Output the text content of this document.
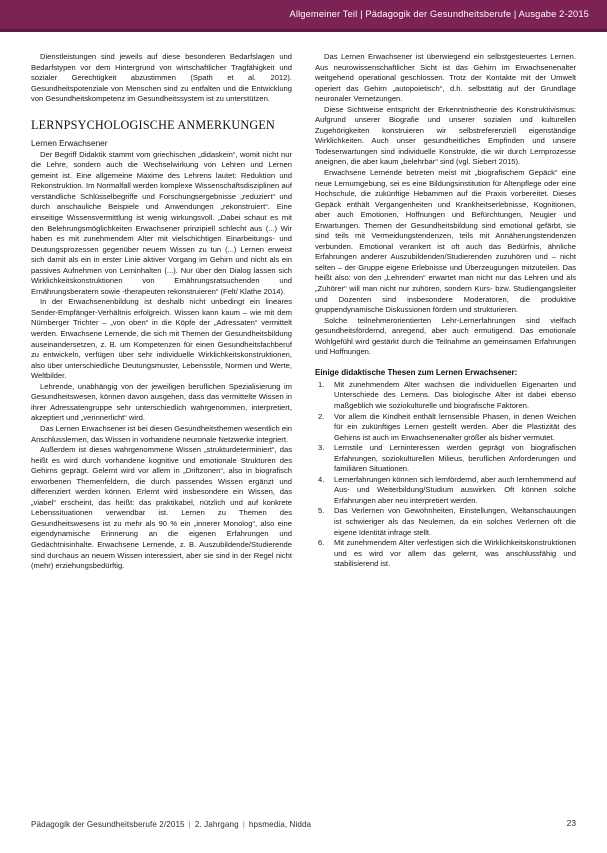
Allgemeiner Teil | Pädagogik der Gesundheitsberufe | Ausgabe 2-2015

Dienstleistungen sind jeweils auf diese besonderen Bedarfslagen und Bedarfstypen vor dem Hintergrund von wirtschaftlicher Tragfähigkeit und sozialer Gerechtigkeit abzustimmen (Spath et al. 2012). Gesundheitspotenziale von Menschen sind zu entfalten und die Entwicklung von Gesundheitskompetenz im Gesundheitssystem ist zu unterstützen.

LERNPSYCHOLOGISCHE ANMERKUNGEN
Lernen Erwachsener

Der Begriff Didaktik stammt vom griechischen „didaskein“, womit nicht nur die Lehre, sondern auch die Wechselwirkung von Lehren und Lernen gemeint ist. Eine allgemeine Maxime des Lehrens lautet: Reduktion und Rekonstruktion. Im Normalfall werden komplexe Wissenschaftsdisziplinen auf verständliche Schlüsselbegriffe und Forschungsergebnisse „reduziert“ und durch anschauliche Beispiele und Anwendungen „rekonstruiert“. Eine einseitige Wissensvermittlung ist wenig wirkungsvoll. „Dabei schaut es mit den Belehrungsmöglichkeiten Erwachsener prinzipiell schlecht aus (...) Wir haben es mit zunehmendem Alter mit vielschichtigen Einarbeitungs- und Deutungsprozessen gegenüber neuem Wissen zu tun (...) Lernen erweist sich damit als ein in erster Linie aktiver Vorgang im Gehirn und nicht als ein passives Aufnehmen von Lerninhalten (...). Nur über den Dialog lassen sich Wirklichkeitskonstruktionen von Ernährungsratsuchenden und Ernährungsberatern sowie -therapeuten rekonstruieren“ (Felt/ Klathe 2014).

In der Erwachsenenbildung ist deshalb nicht unbedingt ein lineares Sender-Empfänger-Verhältnis erfolgreich. Wissen kann kaum – wie mit dem Nürnberger Trichter – „von oben“ in die Köpfe der „Adressaten“ vermittelt werden. Erwachsene Lernende, die sich mit Themen der Gesundheitsbildung auseinandersetzen, z. B. um Kompetenzen für einen Gesundheitsfachberuf zu entwickeln, verfügen über sehr individuelle Wirklichkeitskonstruktionen, also über unterschiedliche Deutungsmuster, Lebensstile, Normen und Werte, Weltbilder.

Lehrende, unabhängig von der jeweiligen beruflichen Spezialisierung im Gesundheitswesen, können davon ausgehen, dass das vermittelte Wissen in ihrer Adressatengruppe sehr unterschiedlich wahrgenommen, interpretiert, akzeptiert und „verinnerlicht“ wird.

Das Lernen Erwachsener ist bei diesen Gesundheitsthemen wesentlich ein Anschlusslernen, das Wissen in vorhandene neuronale Netzwerke integriert.

Außerdem ist dieses wahrgenommene Wissen „strukturdeterminiert“, das heißt es wird durch vorhandene kognitive und emotionale Strukturen des Gehirns geprägt. Gelernt wird vor allem in „Driftzonen“, also in biografisch erworbenen Themenfeldern, die durch passendes Wissen ergänzt und differenziert werden können. Erlernt wird insbesondere ein Wissen, das „viabel“ erscheint, das heißt: das praktikabel, nützlich und auf konkrete Lebenssituationen verwendbar ist. Lernen zu Themen des Gesundheitswesens ist zu mehr als 90 % ein „innerer Monolog“, also eine eigendynamische Erinnerung an die eigenen Erfahrungen und Gedächtnisinhalte. Erwachsene Lernende, z. B. Auszubildende/Studierende sind durchaus an neuem Wissen interessiert, aber sie sind in der Regel nicht (mehr) erziehungsbedürftig.

Das Lernen Erwachsener ist überwiegend ein selbstgesteuertes Lernen. Aus neurowissenschaftlicher Sicht ist das Gehirn im Erwachsenenalter weitgehend operational geschlossen. Trotz der Kontakte mit der Umwelt operiert das Gehirn „autopoietisch“, d.h. selbsttätig auf der Grundlage neuronaler Vernetzungen.

Diese Sichtweise entspricht der Erkenntnistheorie des Konstruktivismus: Aufgrund unserer Biografie und unserer sozialen und kulturellen Zugehörigkeiten konstruieren wir selbstreferenziell eigenständige Wirklichkeiten. Auch unser gesundheitliches Empfinden und unsere Todeserwartungen sind individuelle Konstrukte, die wir durch Lernprozesse aneignen, die aber kaum „belehrbar“ sind (vgl. Siebert 2015).

Erwachsene Lernende betreten meist mit „biografischem Gepäck“ eine neue Lernumgebung, sei es eine Bildungsinstitution für Altenpflege oder eine Hochschule, die zukünftige Hebammen auf die Praxis vorbereitet. Dieses Gepäck enthält Vergangenheiten und Krankheitserlebnisse, Kognitionen, aber auch Emotionen, Hoffnungen und Befürchtungen, Neugier und Erwartungen. Themen der Gesundheitsbildung sind emotional gefärbt, sie sind teils mit Vermeidungstendenzen, teils mit Annäherungstendenzen verbunden. Emotional verankert ist oft auch das Bedürfnis, ähnliche Erfahrungen anderer Auszubildenden/Studierenden zuzuhören und – nicht selten – der Gruppe eigene Erlebnisse und Überzeugungen mitzuteilen. Das heißt also: von den „Lehrenden“ erwartet man nicht nur das Lehren und als „Zuhörer“ will man nicht nur zuhören, sondern Kurs- bzw. Studiengangsleiter und Dozenten sind insbesondere Moderatoren, die produktive gruppendynamische Diskussionen fördern und strukturieren.

Solche teilnehmerorientierten Lehr-Lernerfahrungen sind vielfach gesundheitsfördernd, anregend, aber auch ermutigend. Das emotionale Wohlgefühl wird gestärkt durch die Teilnahme an gemeinsamen Erfahrungen und Hoffnungen.

Einige didaktische Thesen zum Lernen Erwachsener:
Mit zunehmendem Alter wachsen die individuellen Eigenarten und Unterschiede des Lernens. Das biologische Alter ist dabei ebenso maßgeblich wie soziokulturelle und biografische Faktoren.
Vor allem die Kindheit enthält lernsensible Phasen, in denen Weichen für ein zukünftiges Lernen gestellt werden. Aber die Plastizität des Gehirns ist auch im Erwachsenenalter größer als bisher vermutet.
Lernstile und Lerninteressen werden geprägt von biografischen Erfahrungen, soziokulturellen Milieus, beruflichen Anforderungen und familiären Situationen.
Lernerfahrungen können sich lernfördernd, aber auch lernhemmend auf Aus- und Weiterbildung/Studium auswirken. Oft können solche Erfahrungen aber neu interpretiert werden.
Das Verlernen von Gewohnheiten, Einstellungen, Weltanschauungen ist schwieriger als das Neulernen, da ein solches Verlernen oft die eigene Identität infrage stellt.
Mit zunehmendem Alter verfestigen sich die Wirklichkeitskonstruktionen und es wird vor allem das gelernt, was anschlussfähig und stabilisierend ist.
Pädagogik der Gesundheitsberufe 2/2015 | 2. Jahrgang | hpsmedia, Nidda	23
